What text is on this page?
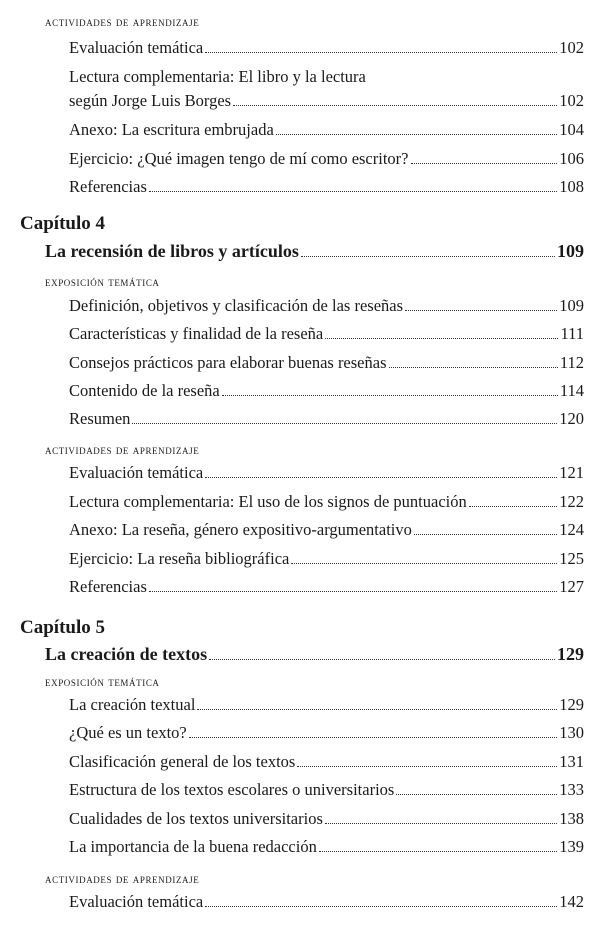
actividades de aprendizaje
Evaluación temática	102
Lectura complementaria: El libro y la lectura
según Jorge Luis Borges	102
Anexo: La escritura embrujada	104
Ejercicio: ¿Qué imagen tengo de mí como escritor?	106
Referencias	108
Capítulo 4
La recensión de libros y artículos	109
exposición temática
Definición, objetivos y clasificación de las reseñas	109
Características y finalidad de la reseña	111
Consejos prácticos para elaborar buenas reseñas	112
Contenido de la reseña	114
Resumen	120
actividades de aprendizaje
Evaluación temática	121
Lectura complementaria: El uso de los signos de puntuación	122
Anexo: La reseña, género expositivo-argumentativo	124
Ejercicio: La reseña bibliográfica	125
Referencias	127
Capítulo 5
La creación de textos	129
exposición temática
La creación textual	129
¿Qué es un texto?	130
Clasificación general de los textos	131
Estructura de los textos escolares o universitarios	133
Cualidades de los textos universitarios	138
La importancia de la buena redacción	139
actividades de aprendizaje
Evaluación temática	142
